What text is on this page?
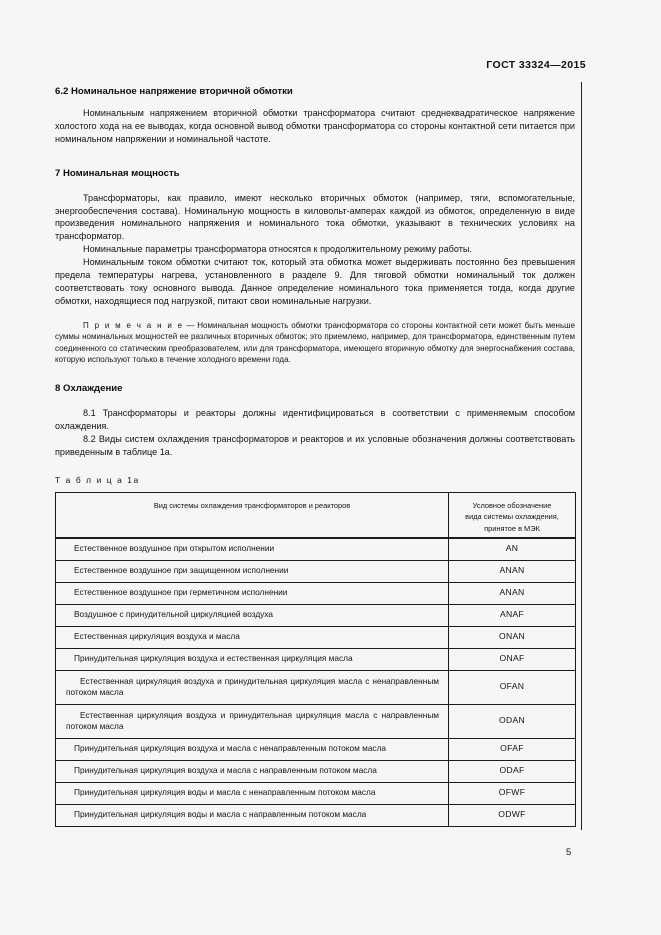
ГОСТ 33324—2015
6.2 Номинальное напряжение вторичной обмотки

Номинальным напряжением вторичной обмотки трансформатора считают среднеквадратическое напряжение холостого хода на ее выводах, когда основной вывод обмотки трансформатора со стороны контактной сети питается при номинальном напряжении и номинальной частоте.

7 Номинальная мощность

Трансформаторы, как правило, имеют несколько вторичных обмоток (например, тяги, вспомогательные, энергообеспечения состава). Номинальную мощность в киловольт-амперах каждой из обмоток, определенную в виде произведения номинального напряжения и номинального тока обмотки, указывают в технических условиях на трансформатор.

Номинальные параметры трансформатора относятся к продолжительному режиму работы.

Номинальным током обмотки считают ток, который эта обмотка может выдерживать постоянно без превышения предела температуры нагрева, установленного в разделе 9. Для тяговой обмотки номинальный ток должен соответствовать току основного вывода. Данное определение номинального тока применяется тогда, когда другие обмотки, находящиеся под нагрузкой, питают свои номинальные нагрузки.

П р и м е ч а н и е — Номинальная мощность обмотки трансформатора со стороны контактной сети может быть меньше суммы номинальных мощностей ее различных вторичных обмоток; это приемлемо, например, для трансформатора, единственным путем соединенного со статическим преобразователем, или для трансформатора, имеющего вторичную обмотку для энергоснабжения состава, которую используют только в течение холодного времени года.

8 Охлаждение

8.1 Трансформаторы и реакторы должны идентифицироваться в соответствии с применяемым способом охлаждения.

8.2 Виды систем охлаждения трансформаторов и реакторов и их условные обозначения должны соответствовать приведенным в таблице 1а.

Т а б л и ц а 1а

Вид системы охлаждения трансформаторов и реакторов	Условное обозначение
вида системы охлаждения,
принятое в МЭК

Естественное воздушное при открытом исполнении	AN

Естественное воздушное при защищенном исполнении	ANAN

Естественное воздушное при герметичном исполнении	ANAN

Воздушное с принудительной циркуляцией воздуха	ANAF

Естественная циркуляция воздуха и масла	ONAN

Принудительная циркуляция воздуха и естественная циркуляция масла	ONAF

Естественная циркуляция воздуха и принудительная циркуляция масла с ненаправленным потоком масла	OFAN

Естественная циркуляция воздуха и принудительная циркуляция масла с направленным потоком масла	ODAN

Принудительная циркуляция воздуха и масла с ненаправленным потоком масла	OFAF

Принудительная циркуляция воздуха и масла с направленным потоком масла	ODAF

Принудительная циркуляция воды и масла с ненаправленным потоком масла	OFWF

Принудительная циркуляция воды и масла с направленным потоком масла	ODWF
5
